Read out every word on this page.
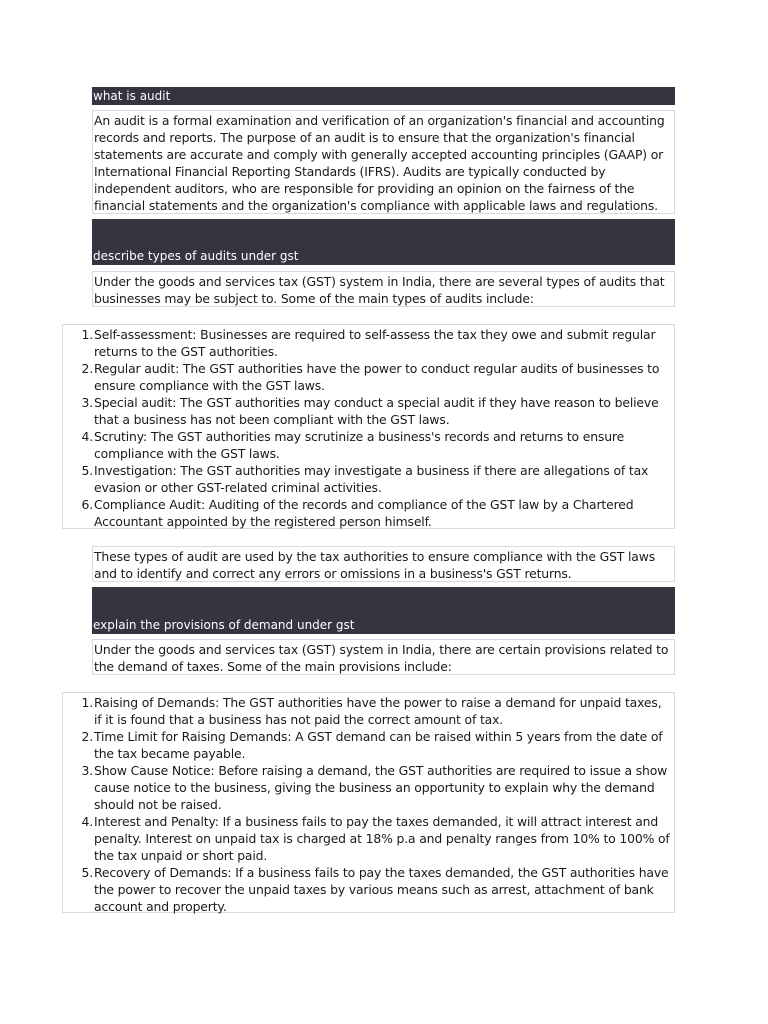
what is audit

An audit is a formal examination and verification of an organization's financial and accounting records and reports. The purpose of an audit is to ensure that the organization's financial statements are accurate and comply with generally accepted accounting principles (GAAP) or International Financial Reporting Standards (IFRS). Audits are typically conducted by independent auditors, who are responsible for providing an opinion on the fairness of the financial statements and the organization's compliance with applicable laws and regulations.

describe types of audits under gst

Under the goods and services tax (GST) system in India, there are several types of audits that businesses may be subject to. Some of the main types of audits include:

1. Self-assessment: Businesses are required to self-assess the tax they owe and submit regular returns to the GST authorities.
2. Regular audit: The GST authorities have the power to conduct regular audits of businesses to ensure compliance with the GST laws.
3. Special audit: The GST authorities may conduct a special audit if they have reason to believe that a business has not been compliant with the GST laws.
4. Scrutiny: The GST authorities may scrutinize a business's records and returns to ensure compliance with the GST laws.
5. Investigation: The GST authorities may investigate a business if there are allegations of tax evasion or other GST-related criminal activities.
6. Compliance Audit: Auditing of the records and compliance of the GST law by a Chartered Accountant appointed by the registered person himself.

These types of audit are used by the tax authorities to ensure compliance with the GST laws and to identify and correct any errors or omissions in a business's GST returns.

explain the provisions of demand under gst

Under the goods and services tax (GST) system in India, there are certain provisions related to the demand of taxes. Some of the main provisions include:

1. Raising of Demands: The GST authorities have the power to raise a demand for unpaid taxes, if it is found that a business has not paid the correct amount of tax.
2. Time Limit for Raising Demands: A GST demand can be raised within 5 years from the date of the tax became payable.
3. Show Cause Notice: Before raising a demand, the GST authorities are required to issue a show cause notice to the business, giving the business an opportunity to explain why the demand should not be raised.
4. Interest and Penalty: If a business fails to pay the taxes demanded, it will attract interest and penalty. Interest on unpaid tax is charged at 18% p.a and penalty ranges from 10% to 100% of the tax unpaid or short paid.
5. Recovery of Demands: If a business fails to pay the taxes demanded, the GST authorities have the power to recover the unpaid taxes by various means such as arrest, attachment of bank account and property.
